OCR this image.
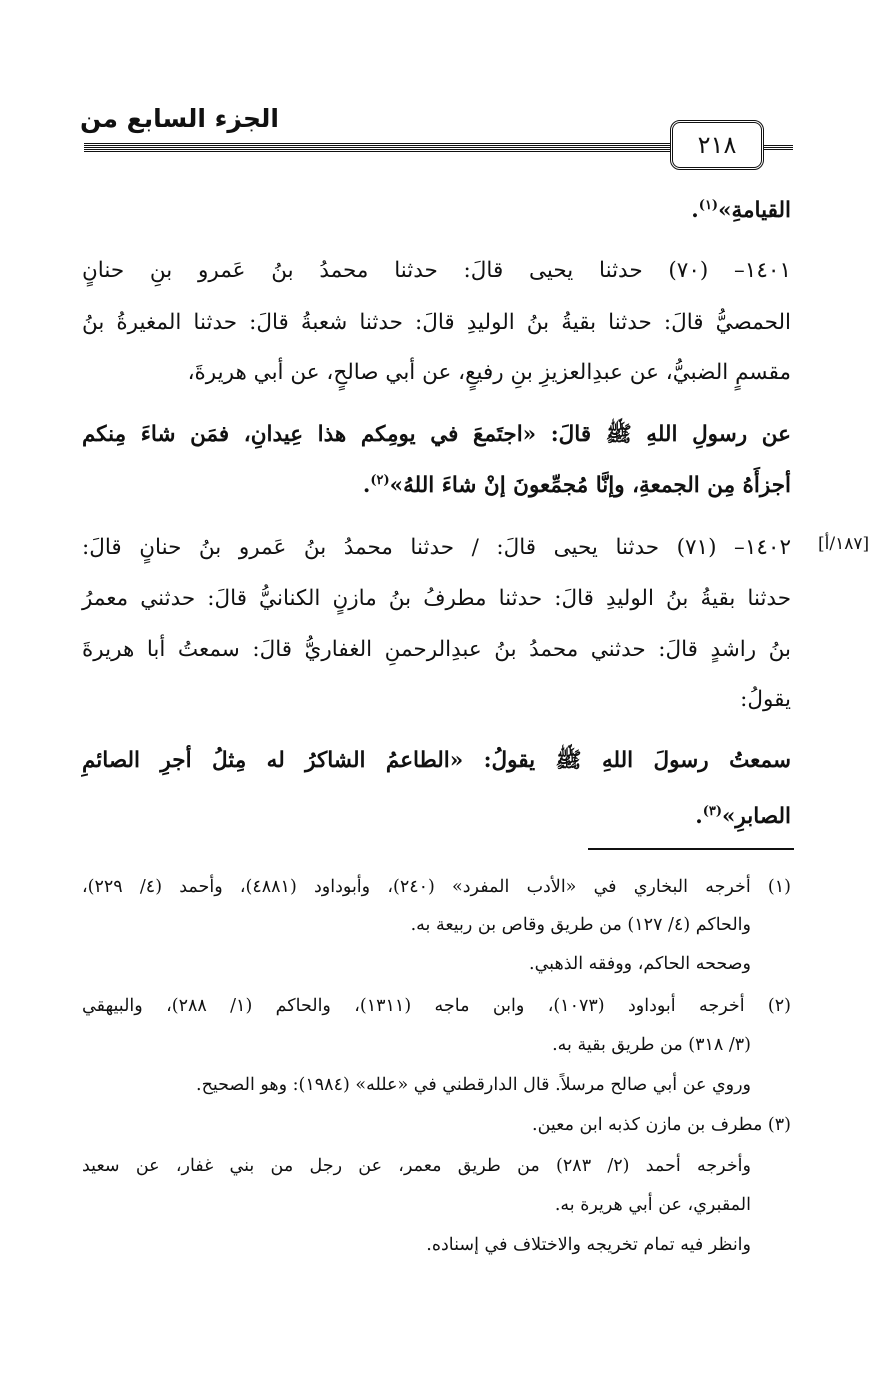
الجزء السابع من
٢١٨
[١٨٧/أ]
القيامةِ»$^{(١)}$.
١٤٠١– (٧٠) حدثنا يحيى قالَ: حدثنا محمدُ بنُ عَمرو بنِ حنانٍ
الحمصيُّ قالَ: حدثنا بقيةُ بنُ الوليدِ قالَ: حدثنا شعبةُ قالَ: حدثنا المغيرةُ بنُ
مقسمٍ الضبيُّ، عن عبدِالعزيزِ بنِ رفيعٍ، عن أبي صالحٍ، عن أبي هريرةَ،
عن رسولِ اللهِ ﷺ قالَ: «اجتَمعَ في يومِكم هذا عِيدانِ، فمَن شاءَ مِنكم
أجزأَهُ مِن الجمعةِ، وإنَّا مُجمِّعونَ إنْ شاءَ اللهُ»$^{(٢)}$.
١٤٠٢– (٧١) حدثنا يحيى قالَ: / حدثنا محمدُ بنُ عَمرو بنُ حنانٍ قالَ:
حدثنا بقيةُ بنُ الوليدِ قالَ: حدثنا مطرفُ بنُ مازنٍ الكنانيُّ قالَ: حدثني معمرُ
بنُ راشدٍ قالَ: حدثني محمدُ بنُ عبدِالرحمنِ الغفاريُّ قالَ: سمعتُ أبا هريرةَ
يقولُ:
سمعتُ رسولَ اللهِ ﷺ يقولُ: «الطاعمُ الشاكرُ له مِثلُ أجرِ الصائمِ
الصابرِ»$^{(٣)}$.
(١) أخرجه البخاري في «الأدب المفرد» (٢٤٠)، وأبوداود (٤٨٨١)، وأحمد (٤/ ٢٢٩)،
والحاكم (٤/ ١٢٧) من طريق وقاص بن ربيعة به.
وصححه الحاكم، ووفقه الذهبي.
(٢) أخرجه أبوداود (١٠٧٣)، وابن ماجه (١٣١١)، والحاكم (١/ ٢٨٨)، والبيهقي
(٣/ ٣١٨) من طريق بقية به.
وروي عن أبي صالح مرسلاً. قال الدارقطني في «علله» (١٩٨٤): وهو الصحيح.
(٣) مطرف بن مازن كذبه ابن معين.
وأخرجه أحمد (٢/ ٢٨٣) من طريق معمر، عن رجل من بني غفار، عن سعيد
المقبري، عن أبي هريرة به.
وانظر فيه تمام تخريجه والاختلاف في إسناده.
